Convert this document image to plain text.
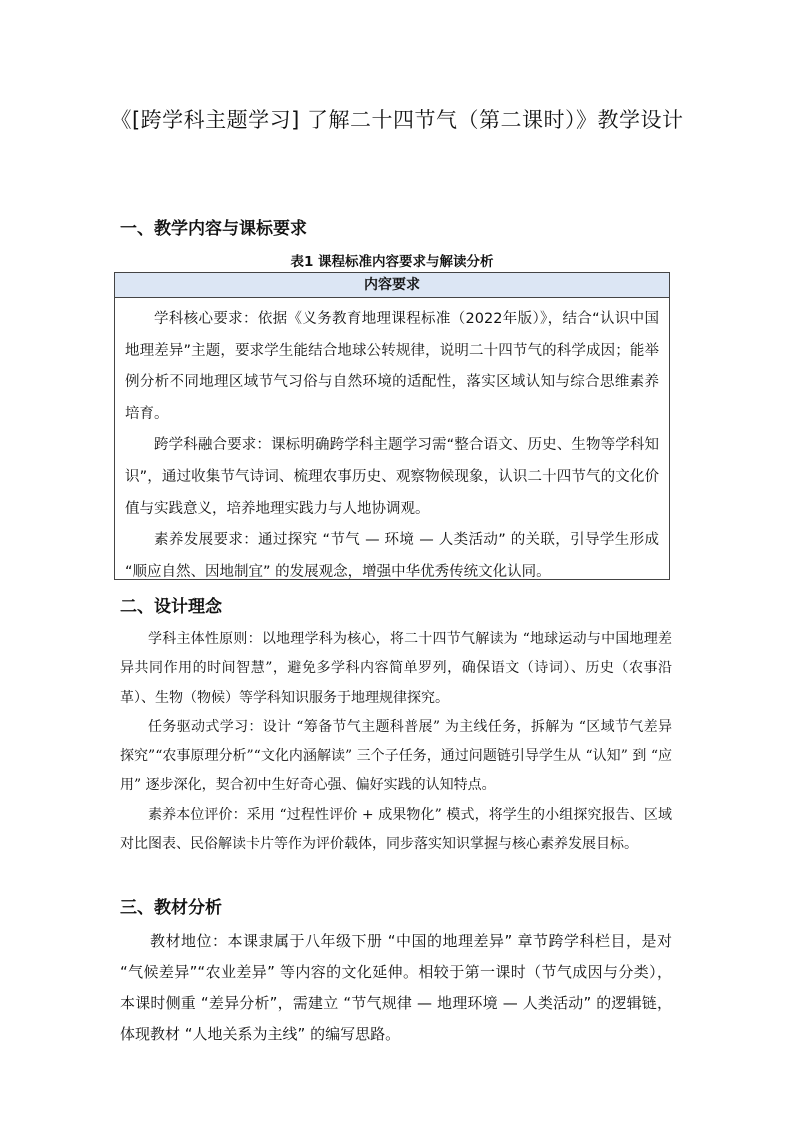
《[跨学科主题学习] 了解二十四节气（第二课时）》教学设计
一、教学内容与课标要求
表1 课程标准内容要求与解读分析
内容要求

学科核心要求：依据《义务教育地理课程标准（2022年版）》，结合“认识中国地理差异”主题，要求学生能结合地球公转规律，说明二十四节气的科学成因；能举例分析不同地理区域节气习俗与自然环境的适配性，落实区域认知与综合思维素养培育。

跨学科融合要求：课标明确跨学科主题学习需“整合语文、历史、生物等学科知识”，通过收集节气诗词、梳理农事历史、观察物候现象，认识二十四节气的文化价值与实践意义，培养地理实践力与人地协调观。

素养发展要求：通过探究 “节气 — 环境 — 人类活动” 的关联，引导学生形成 “顺应自然、因地制宜” 的发展观念，增强中华优秀传统文化认同。

二、设计理念

学科主体性原则：以地理学科为核心，将二十四节气解读为 “地球运动与中国地理差异共同作用的时间智慧”，避免多学科内容简单罗列，确保语文（诗词）、历史（农事沿革）、生物（物候）等学科知识服务于地理规律探究。

任务驱动式学习：设计 “筹备节气主题科普展” 为主线任务，拆解为 “区域节气差异探究”“农事原理分析”“文化内涵解读” 三个子任务，通过问题链引导学生从 “认知” 到 “应用” 逐步深化，契合初中生好奇心强、偏好实践的认知特点。

素养本位评价：采用 “过程性评价 + 成果物化” 模式，将学生的小组探究报告、区域对比图表、民俗解读卡片等作为评价载体，同步落实知识掌握与核心素养发展目标。

三、教材分析

教材地位：本课隶属于八年级下册 “中国的地理差异” 章节跨学科栏目，是对 “气候差异”“农业差异” 等内容的文化延伸。相较于第一课时（节气成因与分类），本课时侧重 “差异分析”，需建立 “节气规律 — 地理环境 — 人类活动” 的逻辑链，体现教材 “人地关系为主线” 的编写思路。
